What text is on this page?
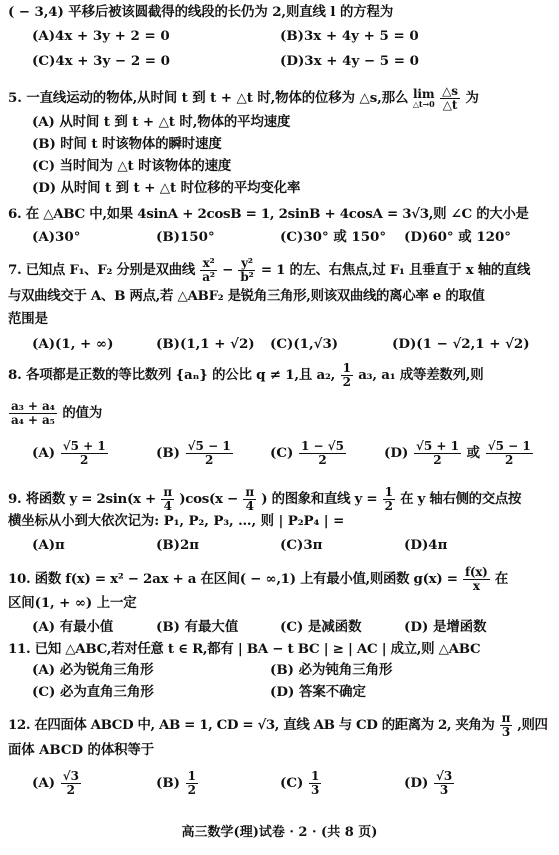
( − 3,4) 平移后被该圆截得的线段的长仍为 2,则直线 l 的方程为
(A)4x + 3y + 2 = 0	(B)3x + 4y + 5 = 0
(C)4x + 3y − 2 = 0	(D)3x + 4y − 5 = 0
5. 一直线运动的物体,从时间 t 到 t + △t 时,物体的位移为 △s,那么 lim
△t→0
$\frac{\triangle s}{\triangle t}$ 为
(A) 从时间 t 到 t + △t 时,物体的平均速度
(B) 时间 t 时该物体的瞬时速度
(C) 当时间为 △t 时该物体的速度
(D) 从时间 t 到 t + △t 时位移的平均变化率
6. 在 △ABC 中,如果 4sinA + 2cosB = 1, 2sinB + 4cosA = 3√3,则 ∠C 的大小是
(A)30°	(B)150°	(C)30° 或 150° (D)60° 或 120°
7. 已知点 F₁、F₂ 分别是双曲线 $\frac{\text{x²}}{\text{a²}} - \frac{\text{y²}}{\text{b²}} = 1$ 的左、右焦点,过 F₁ 且垂直于 x 轴的直线
与双曲线交于 A、B 两点,若 △ABF₂ 是锐角三角形,则该双曲线的离心率 e 的取值
范围是
(A)(1, + ∞)	(B)(1,1 + √2) (C)(1,√3)	(D)(1 − √2,1 + √2)
8. 各项都是正数的等比数列 {aₙ} 的公比 q ≠ 1,且 a₂, $\frac{1}{2} a_3$, a₁ 成等差数列,则
$\frac{\text{a₃ + a₄}}{\text{a₄ + a₅}}$ 的值为
$(A) \frac{√5 + 1}{2}$	$(B) \frac{√5 - 1}{2}$	$(C) \frac{1 - √5}{2}$	$(D) \frac{√5 + 1}{2}$ 或 $\frac{√5 - 1}{2}$
9. 将函数 $y = 2\sin(x + \frac{\pi}{4} )\cos(x - \frac{\pi}{4}$ ) 的图象和直线 $y = \frac{1}{2}$ 在 y 轴右侧的交点按
横坐标从小到大依次记为: P₁, P₂, P₃, …, 则 | P₂P₄ | =
(A)π	(B)2π	(C)3π	(D)4π
10. 函数 f(x) = x² − 2ax + a 在区间( − ∞,1) 上有最小值,则函数 $g(x) = \frac{f(x)}{x}$ 在
区间(1, + ∞) 上一定
(A) 有最小值	(B) 有最大值	(C) 是减函数	(D) 是增函数
11. 已知 △ABC,若对任意 t ∈ R,都有 | BA − t BC | ≥ | AC | 成立,则 △ABC
(A) 必为锐角三角形	(B) 必为钝角三角形
(C) 必为直角三角形	(D) 答案不确定
12. 在四面体 ABCD 中, AB = 1, CD = √3, 直线 AB 与 CD 的距离为 2, 夹角为 $\frac{\pi}{3}$ ,则四
面体 ABCD 的体积等于
$(A) \frac{√3}{2}$	$(B) \frac{1}{2}$	$(C) \frac{1}{3}$	$(D) \frac{√3}{3}$
高三数学(理)试卷 · 2 · (共 8 页)
